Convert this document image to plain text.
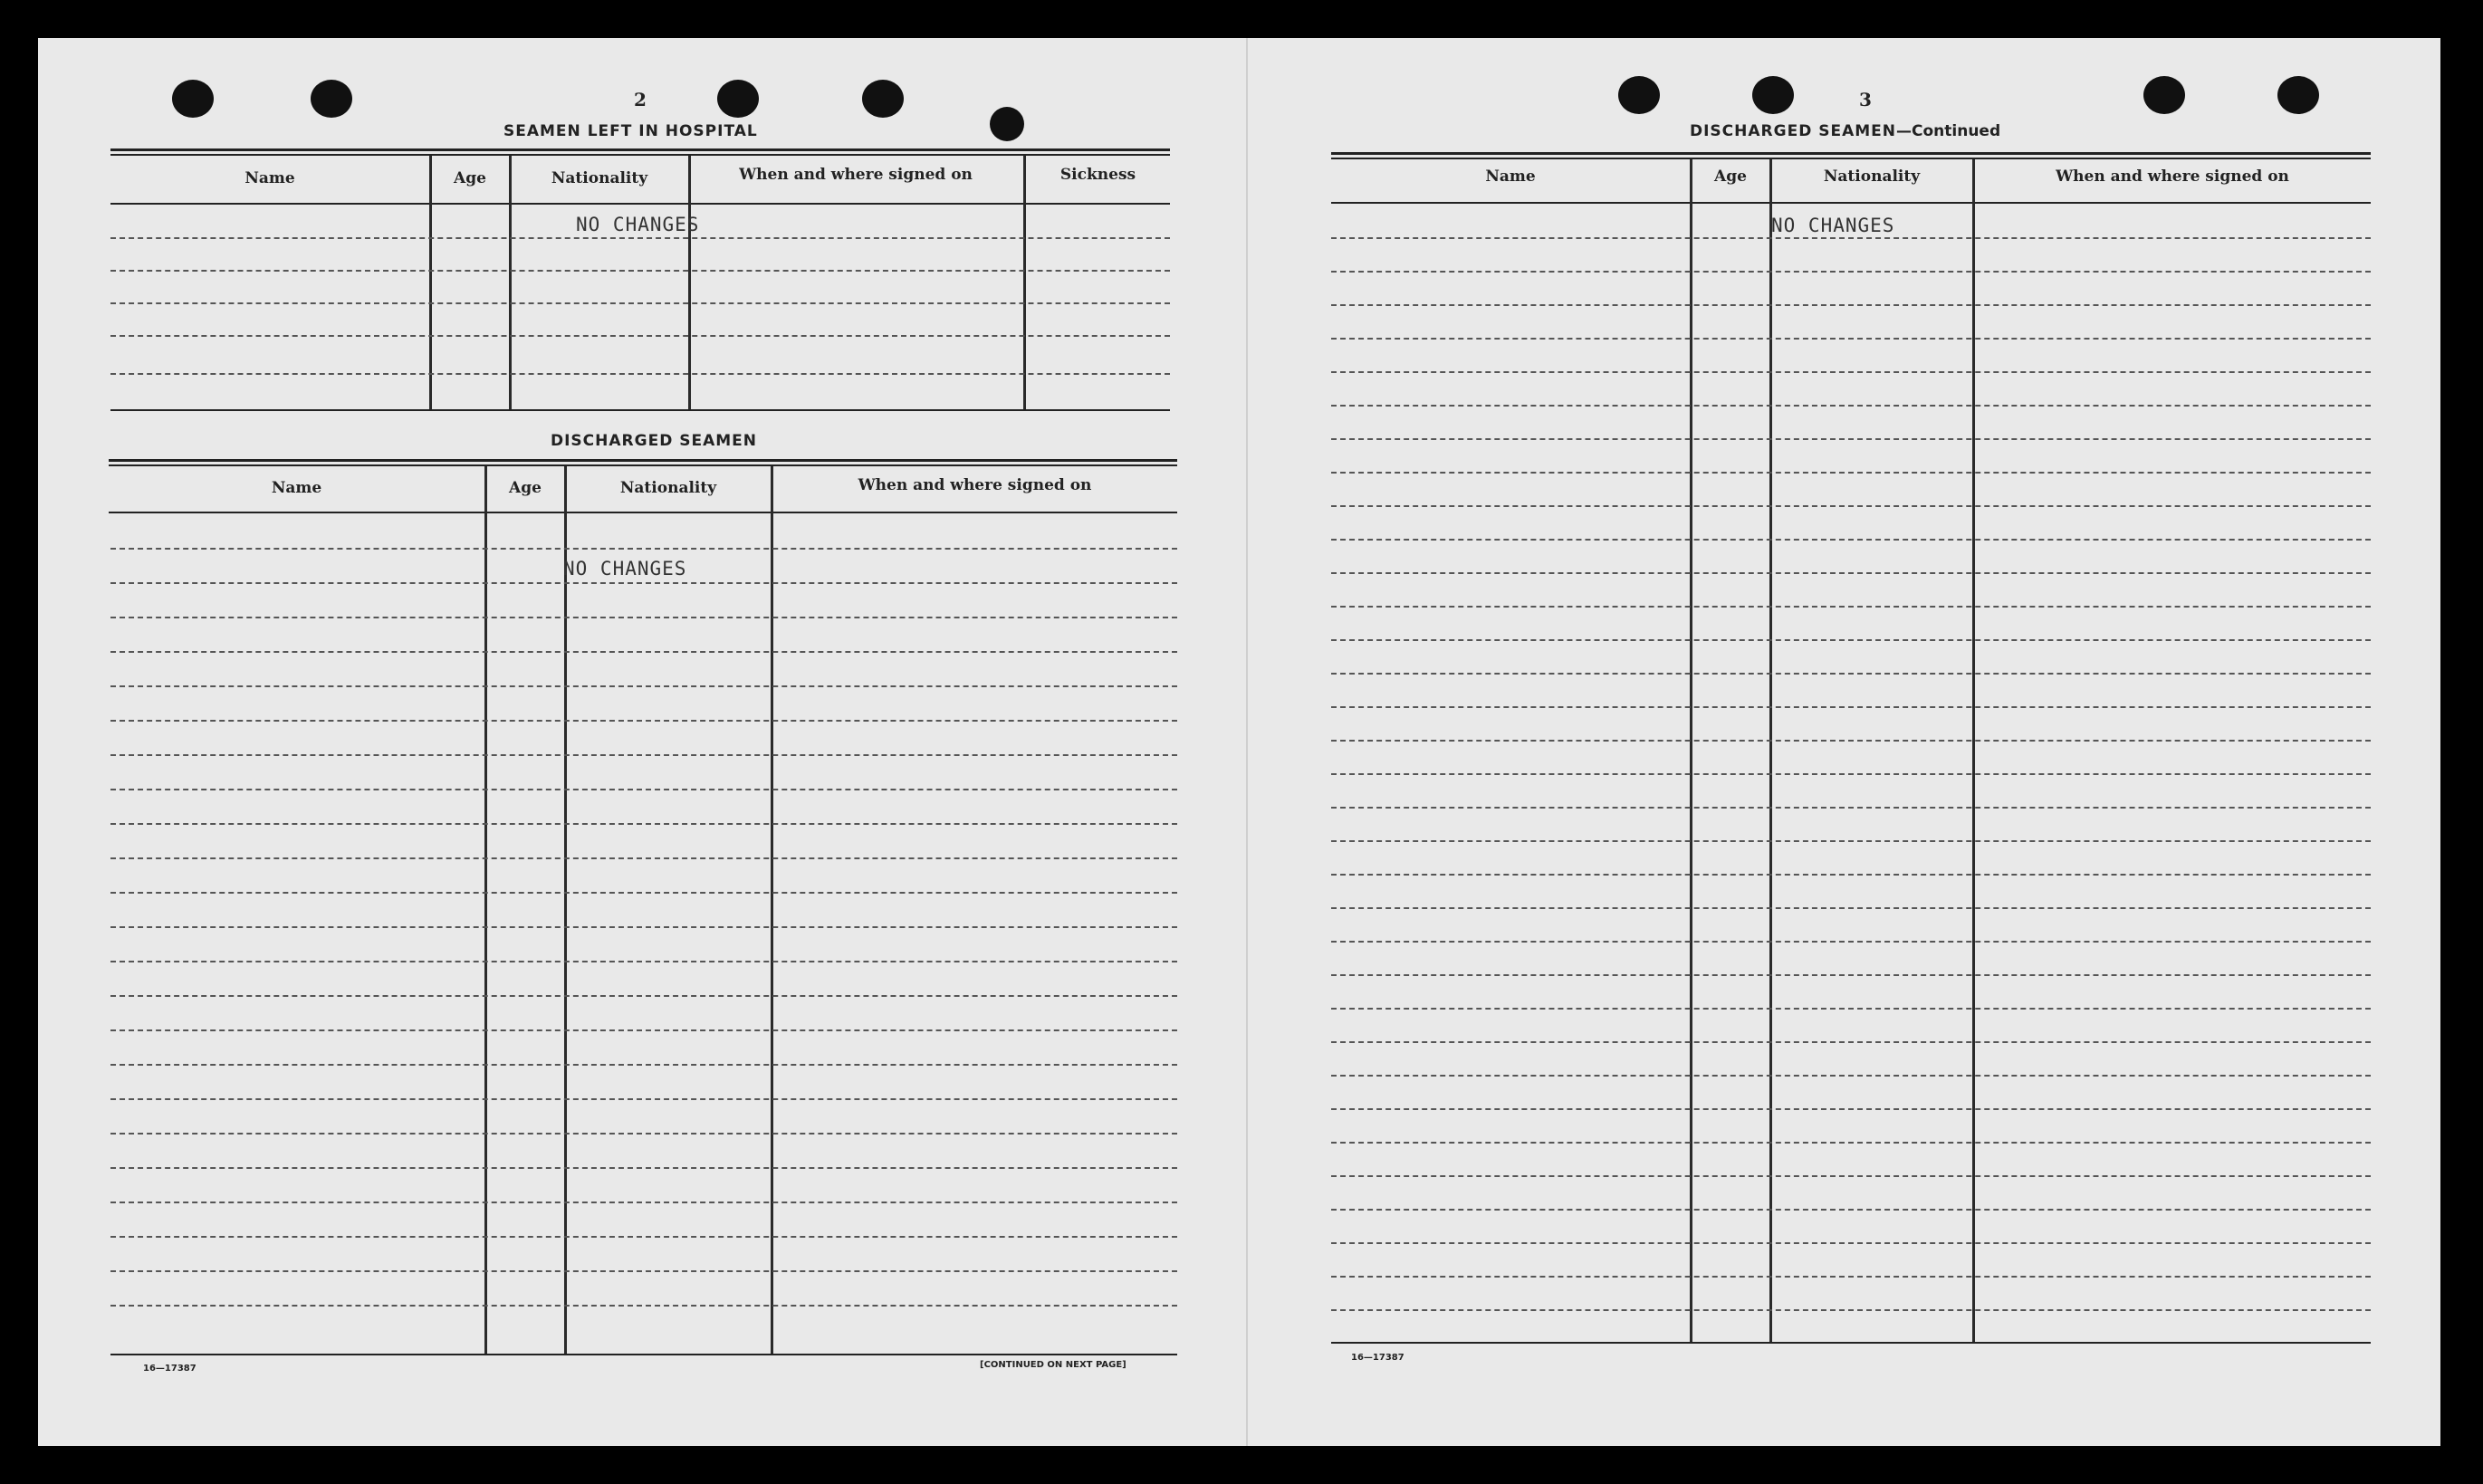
2
SEAMEN LEFT IN HOSPITAL
Name	Age	Nationality	When and where signed on	Sickness
NO CHANGES
DISCHARGED SEAMEN
Name	Age	Nationality	When and where signed on
NO CHANGES
16—17387	[CONTINUED ON NEXT PAGE]
3
DISCHARGED SEAMEN—Continued
Name	Age	Nationality	When and where signed on
NO CHANGES
16—17387
